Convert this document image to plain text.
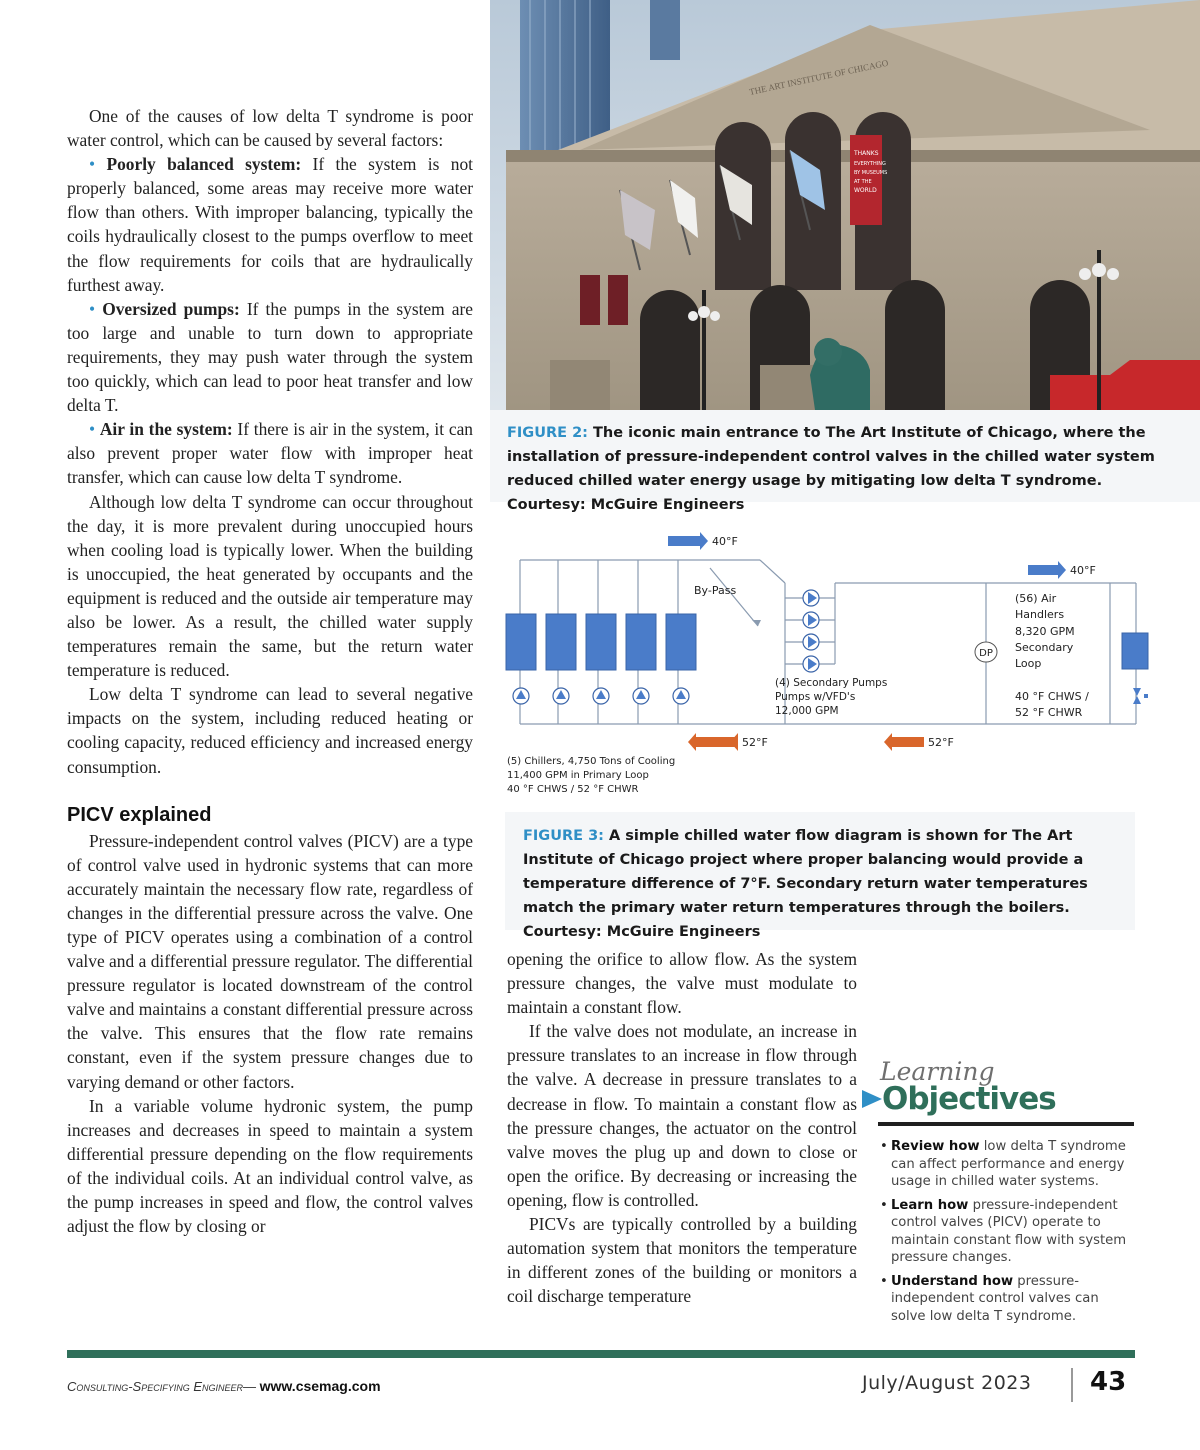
One of the causes of low delta T syndrome is poor water control, which can be caused by several factors:

• Poorly balanced system: If the system is not properly balanced, some areas may receive more water flow than others. With improper balancing, typically the coils hydraulically closest to the pumps overflow to meet the flow requirements for coils that are hydraulically furthest away.

• Oversized pumps: If the pumps in the system are too large and unable to turn down to appropriate requirements, they may push water through the system too quickly, which can lead to poor heat transfer and low delta T.

• Air in the system: If there is air in the system, it can also prevent proper water flow with improper heat transfer, which can cause low delta T syndrome.

Although low delta T syndrome can occur throughout the day, it is more prevalent during unoccupied hours when cooling load is typically lower. When the building is unoccupied, the heat generated by occupants and the equipment is reduced and the outside air temperature may also be lower. As a result, the chilled water supply temperatures remain the same, but the return water temperature is reduced.

Low delta T syndrome can lead to several negative impacts on the system, including reduced heating or cooling capacity, reduced efficiency and increased energy consumption.

PICV explained

Pressure-independent control valves (PICV) are a type of control valve used in hydronic systems that can more accurately maintain the necessary flow rate, regardless of changes in the differential pressure across the valve. One type of PICV operates using a combination of a control valve and a differential pressure regulator. The differential pressure regulator is located downstream of the control valve and maintains a constant differential pressure across the valve. This ensures that the flow rate remains constant, even if the system pressure changes due to varying demand or other factors.

In a variable volume hydronic system, the pump increases and decreases in speed to maintain a system differential pressure depending on the flow requirements of the individual coils. At an individual control valve, as the pump increases in speed and flow, the control valves adjust the flow by closing or

THE ART INSTITUTE OF CHICAGO
THANKS
EVERYTHING
BY MUSEUMS
AT THE
WORLD
FIGURE 2: The iconic main entrance to The Art Institute of Chicago, where the installation of pressure-independent control valves in the chilled water system reduced chilled water energy usage by mitigating low delta T syndrome. Courtesy: McGuire Engineers
DP
40°F
40°F
52°F	52°F
By-Pass
(56) Air
Handlers
8,320 GPM
Secondary
Loop
40 °F CHWS /
52 °F CHWR
(4) Secondary Pumps
Pumps w/VFD's
12,000 GPM
(5) Chillers, 4,750 Tons of Cooling
11,400 GPM in Primary Loop
40 °F CHWS / 52 °F CHWR
FIGURE 3: A simple chilled water flow diagram is shown for The Art Institute of Chicago project where proper balancing would provide a temperature difference of 7°F. Secondary return water temperatures match the primary water return temperatures through the boilers. Courtesy: McGuire Engineers

opening the orifice to allow flow. As the system pressure changes, the valve must modulate to maintain a constant flow.

If the valve does not modulate, an increase in pressure translates to an increase in flow through the valve. A decrease in pressure translates to a decrease in flow. To maintain a constant flow as the pressure changes, the actuator on the control valve moves the plug up and down to close or open the orifice. By decreasing or increasing the opening, flow is controlled.

PICVs are typically controlled by a building automation system that monitors the temperature in different zones of the building or monitors a coil discharge temperature

Learning
Objectives
• Review how low delta T syndrome can affect performance and energy usage in chilled water systems.
• Learn how pressure-independent control valves (PICV) operate to maintain constant flow with system pressure changes.
• Understand how pressure-independent control valves can solve low delta T syndrome.
Consulting-Specifying Engineer— www.csemag.com	July/August 2023 43
